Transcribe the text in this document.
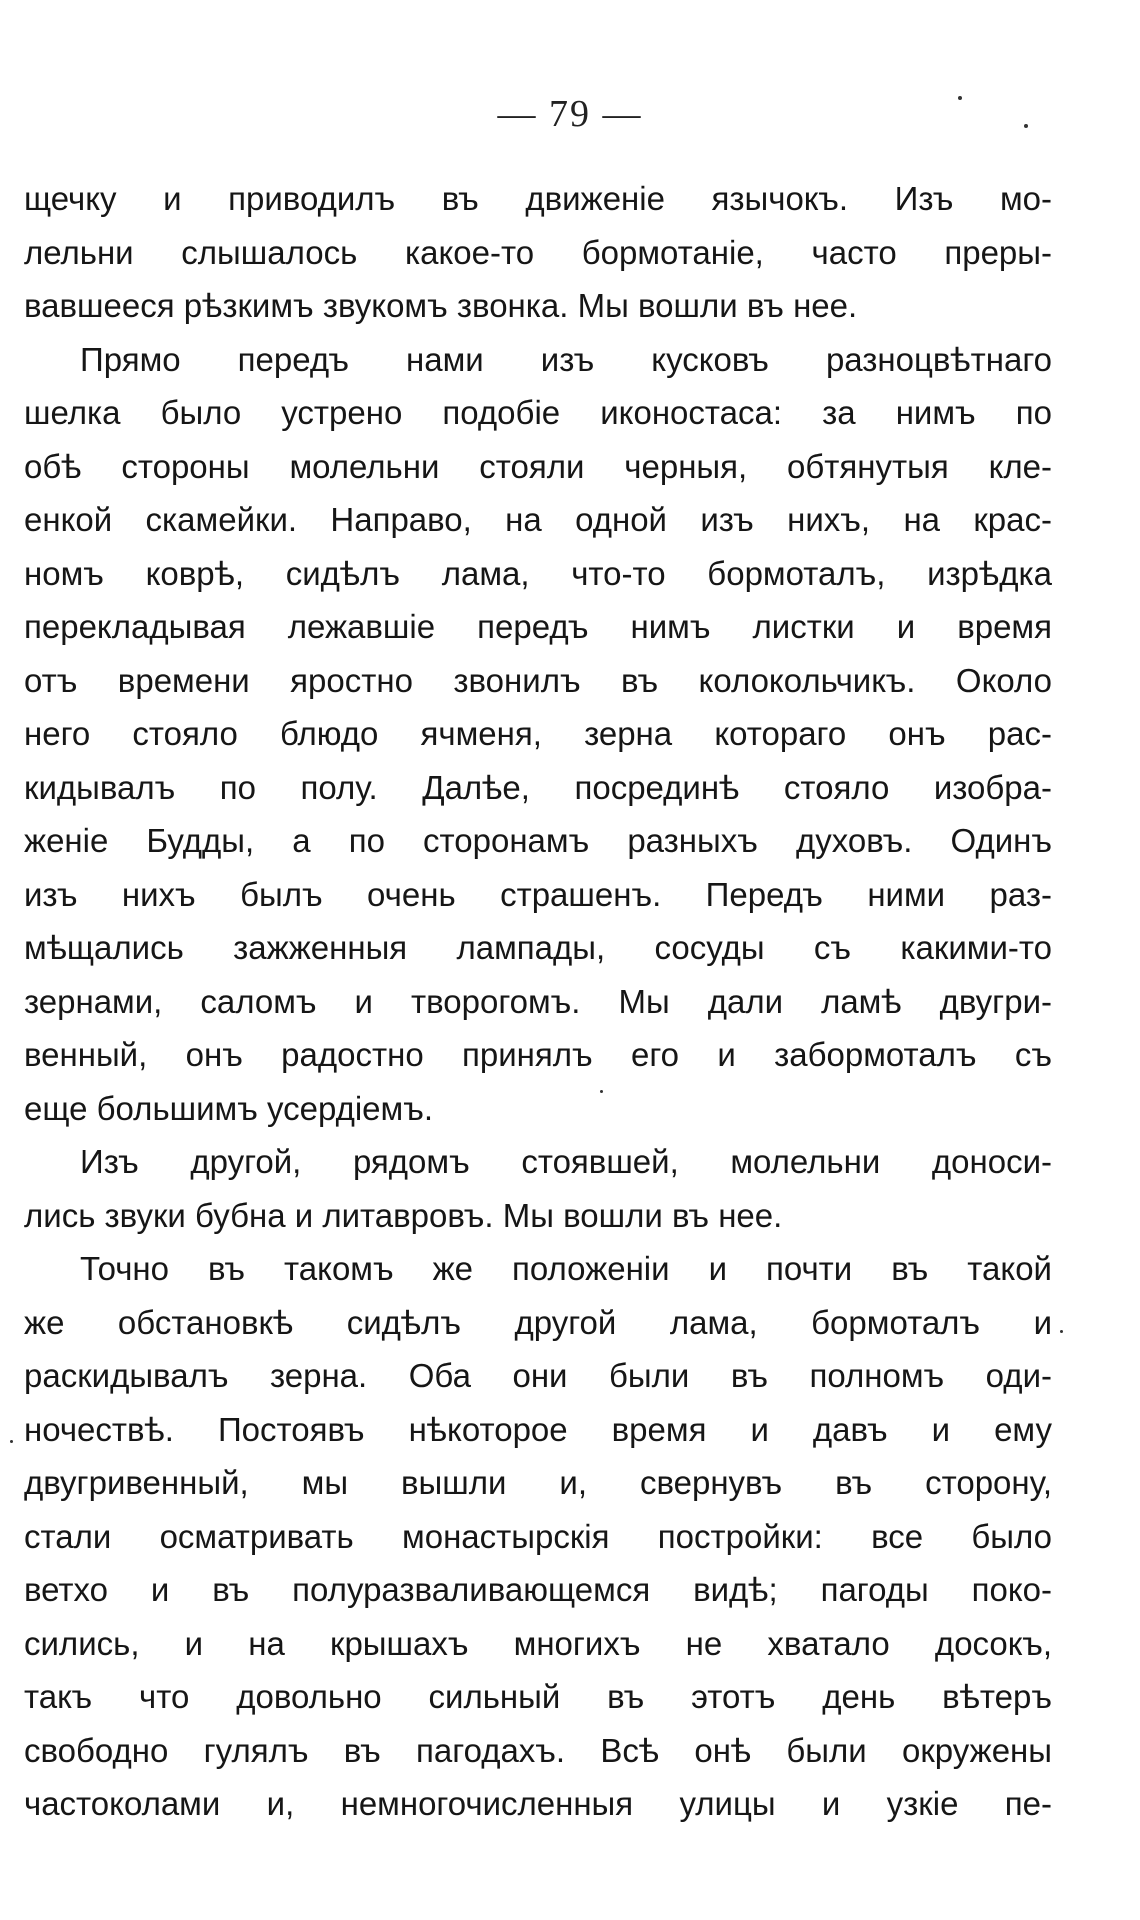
— 79 —
щечку и приводилъ въ движеніе язычокъ. Изъ мо-
лельни слышалось какое-то бормотаніе, часто преры-
вавшееся рѣзкимъ звукомъ звонка. Мы вошли въ нее.
Прямо передъ нами изъ кусковъ разноцвѣтнаго
шелка было устрено подобіе иконостаса: за нимъ по
обѣ стороны молельни стояли черныя, обтянутыя кле-
енкой скамейки. Направо, на одной изъ нихъ, на крас-
номъ коврѣ, сидѣлъ лама, что-то бормоталъ, изрѣдка
перекладывая лежавшіе передъ нимъ листки и время
отъ времени яростно звонилъ въ колокольчикъ. Около
него стояло блюдо ячменя, зерна котораго онъ рас-
кидывалъ по полу. Далѣе, посрединѣ стояло изобра-
женіе Будды, а по сторонамъ разныхъ духовъ. Одинъ
изъ нихъ былъ очень страшенъ. Передъ ними раз-
мѣщались зажженныя лампады, сосуды съ какими-то
зернами, саломъ и творогомъ. Мы дали ламѣ двугри-
венный, онъ радостно принялъ его и забормоталъ съ
еще большимъ усердіемъ.
Изъ другой, рядомъ стоявшей, молельни доноси-
лись звуки бубна и литавровъ. Мы вошли въ нее.
Точно въ такомъ же положеніи и почти въ такой
же обстановкѣ сидѣлъ другой лама, бормоталъ и
раскидывалъ зерна. Оба они были въ полномъ оди-
ночествѣ. Постоявъ нѣкоторое время и давъ и ему
двугривенный, мы вышли и, свернувъ въ сторону,
стали осматривать монастырскія постройки: все было
ветхо и въ полуразваливающемся видѣ; пагоды поко-
сились, и на крышахъ многихъ не хватало досокъ,
такъ что довольно сильный въ этотъ день вѣтеръ
свободно гулялъ въ пагодахъ. Всѣ онѣ были окружены
частоколами и, немногочисленныя улицы и узкіе пе-
